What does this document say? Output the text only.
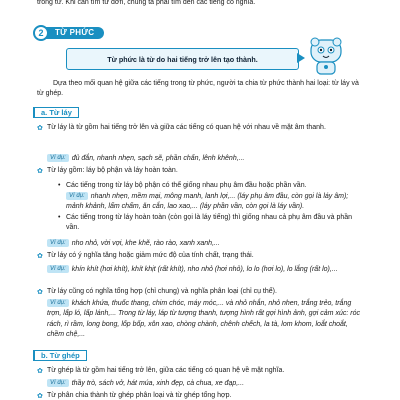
trong từ. Khi cần tìm từ đơn, chúng ta phải tìm đến các tiếng có nghĩa.
2	TỪ PHỨC
Từ phức là từ do hai tiếng trở lên tạo thành.
Dựa theo mối quan hệ giữa các tiếng trong từ phức, người ta chia từ phức thành hai loại: từ láy và từ ghép.
a. Từ láy
✿ Từ láy là từ gồm hai tiếng trở lên và giữa các tiếng có quan hệ với nhau về mặt âm thanh.
Ví dụ: đủ đắn, nhanh nhẹn, sạch sẽ, phần chấn, lênh khênh,...
✿ Từ láy gồm: láy bộ phận và láy hoàn toàn.
• Các tiếng trong từ láy bộ phận có thể giống nhau phụ âm đầu hoặc phần vần.
Ví dụ: nhanh nhẹn, mềm mại, mông manh, lanh lợi,... (láy phụ âm đầu, còn gọi là láy âm); mảnh khảnh, lẩm chẩm, ăn cắn, lao xao,... (láy phần vần, còn gọi là láy vần).
• Các tiếng trong từ láy hoàn toàn (còn gọi là láy tiếng) thì giống nhau cả phụ âm đầu và phần vần.
Ví dụ: nho nhỏ, vời vợi, khe khẽ, rào rào, xanh xanh,...
✿ Từ láy có ý nghĩa tăng hoặc giảm mức độ của tính chất, trạng thái.
Ví dụ: khín khít (hơi khít), khít khịt (rất khít), nho nhỏ (hơi nhỏ), lo lo (hơi lo), lo lắng (rất lo),...
✿ Từ láy cũng có nghĩa tổng hợp (chỉ chung) và nghĩa phân loại (chỉ cụ thể).
Ví dụ: khách khứa, thuốc thang, chim chóc, máy móc,... và nhỏ nhắn, nhỏ nhen, trắng trẻo, trắng trợn, lấp ló, lấp lánh,... Trong từ láy, láp từ tượng thanh, tượng hình rất gợi hình ảnh, gợi cảm xúc: róc rách, rì rầm, long bong, lốp bốp, xôn xao, chòng chành, chênh chếch, la tà, lom khom, loắt choắt, chềm chệ,...
b. Từ ghép
✿ Từ ghép là từ gồm hai tiếng trở lên, giữa các tiếng có quan hệ về mặt nghĩa.
Ví dụ: thầy trò, sách vở, hát múa, xinh đẹp, cà chua, xe đạp,...
✿ Từ phân chia thành từ ghép phân loại và từ ghép tổng hợp.
